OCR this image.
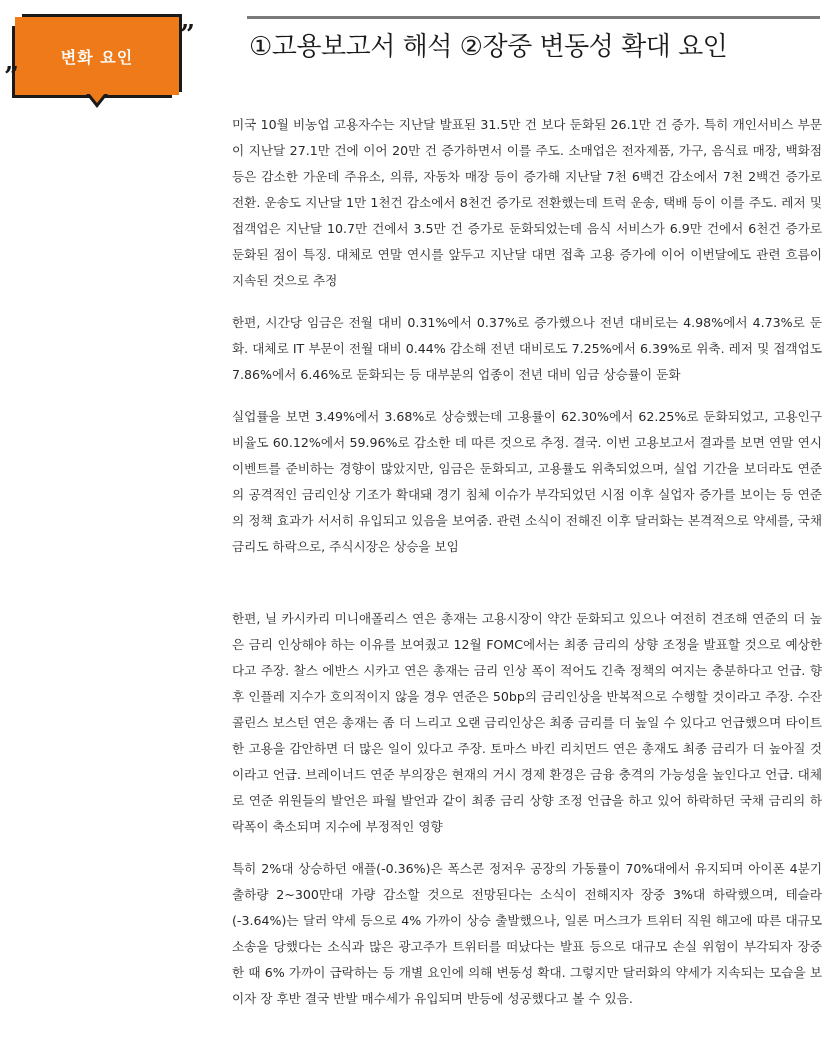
변화 요인
”
”
①고용보고서 해석 ②장중 변동성 확대 요인

미국 10월 비농업 고용자수는 지난달 발표된 31.5만 건 보다 둔화된 26.1만 건 증가. 특히 개인서비스 부문이 지난달 27.1만 건에 이어 20만 건 증가하면서 이를 주도. 소매업은 전자제품, 가구, 음식료 매장, 백화점 등은 감소한 가운데 주유소, 의류, 자동차 매장 등이 증가해 지난달 7천 6백건 감소에서 7천 2백건 증가로 전환. 운송도 지난달 1만 1천건 감소에서 8천건 증가로 전환했는데 트럭 운송, 택배 등이 이를 주도. 레저 및 접객업은 지난달 10.7만 건에서 3.5만 건 증가로 둔화되었는데 음식 서비스가 6.9만 건에서 6천건 증가로 둔화된 점이 특징. 대체로 연말 연시를 앞두고 지난달 대면 접촉 고용 증가에 이어 이번달에도 관련 흐름이 지속된 것으로 추정

한편, 시간당 임금은 전월 대비 0.31%에서 0.37%로 증가했으나 전년 대비로는 4.98%에서 4.73%로 둔화. 대체로 IT 부문이 전월 대비 0.44% 감소해 전년 대비로도 7.25%에서 6.39%로 위축. 레저 및 접객업도 7.86%에서 6.46%로 둔화되는 등 대부분의 업종이 전년 대비 임금 상승률이 둔화

실업률을 보면 3.49%에서 3.68%로 상승했는데 고용률이 62.30%에서 62.25%로 둔화되었고, 고용인구 비율도 60.12%에서 59.96%로 감소한 데 따른 것으로 추정. 결국. 이번 고용보고서 결과를 보면 연말 연시 이벤트를 준비하는 경향이 많았지만, 임금은 둔화되고, 고용률도 위축되었으며, 실업 기간을 보더라도 연준의 공격적인 금리인상 기조가 확대돼 경기 침체 이슈가 부각되었던 시점 이후 실업자 증가를 보이는 등 연준의 정책 효과가 서서히 유입되고 있음을 보여줌. 관련 소식이 전해진 이후 달러화는 본격적으로 약세를, 국채 금리도 하락으로, 주식시장은 상승을 보임

한편, 닐 카시카리 미니애폴리스 연은 총재는 고용시장이 약간 둔화되고 있으나 여전히 견조해 연준의 더 높은 금리 인상해야 하는 이유를 보여줬고 12월 FOMC에서는 최종 금리의 상향 조정을 발표할 것으로 예상한다고 주장. 찰스 에반스 시카고 연은 총재는 금리 인상 폭이 적어도 긴축 정책의 여지는 충분하다고 언급. 향후 인플레 지수가 호의적이지 않을 경우 연준은 50bp의 금리인상을 반복적으로 수행할 것이라고 주장. 수잔 콜린스 보스턴 연은 총재는 좀 더 느리고 오랜 금리인상은 최종 금리를 더 높일 수 있다고 언급했으며 타이트한 고용을 감안하면 더 많은 일이 있다고 주장. 토마스 바킨 리치먼드 연은 총재도 최종 금리가 더 높아질 것이라고 언급. 브레이너드 연준 부의장은 현재의 거시 경제 환경은 금융 충격의 가능성을 높인다고 언급. 대체로 연준 위원들의 발언은 파월 발언과 같이 최종 금리 상향 조정 언급을 하고 있어 하락하던 국채 금리의 하락폭이 축소되며 지수에 부정적인 영향

특히 2%대 상승하던 애플(-0.36%)은 폭스콘 정저우 공장의 가동률이 70%대에서 유지되며 아이폰 4분기 출하량 2~300만대 가량 감소할 것으로 전망된다는 소식이 전해지자 장중 3%대 하락했으며, 테슬라(-3.64%)는 달러 약세 등으로 4% 가까이 상승 출발했으나, 일론 머스크가 트위터 직원 해고에 따른 대규모 소송을 당했다는 소식과 많은 광고주가 트위터를 떠났다는 발표 등으로 대규모 손실 위험이 부각되자 장중 한 때 6% 가까이 급락하는 등 개별 요인에 의해 변동성 확대. 그렇지만 달러화의 약세가 지속되는 모습을 보이자 장 후반 결국 반발 매수세가 유입되며 반등에 성공했다고 볼 수 있음.
